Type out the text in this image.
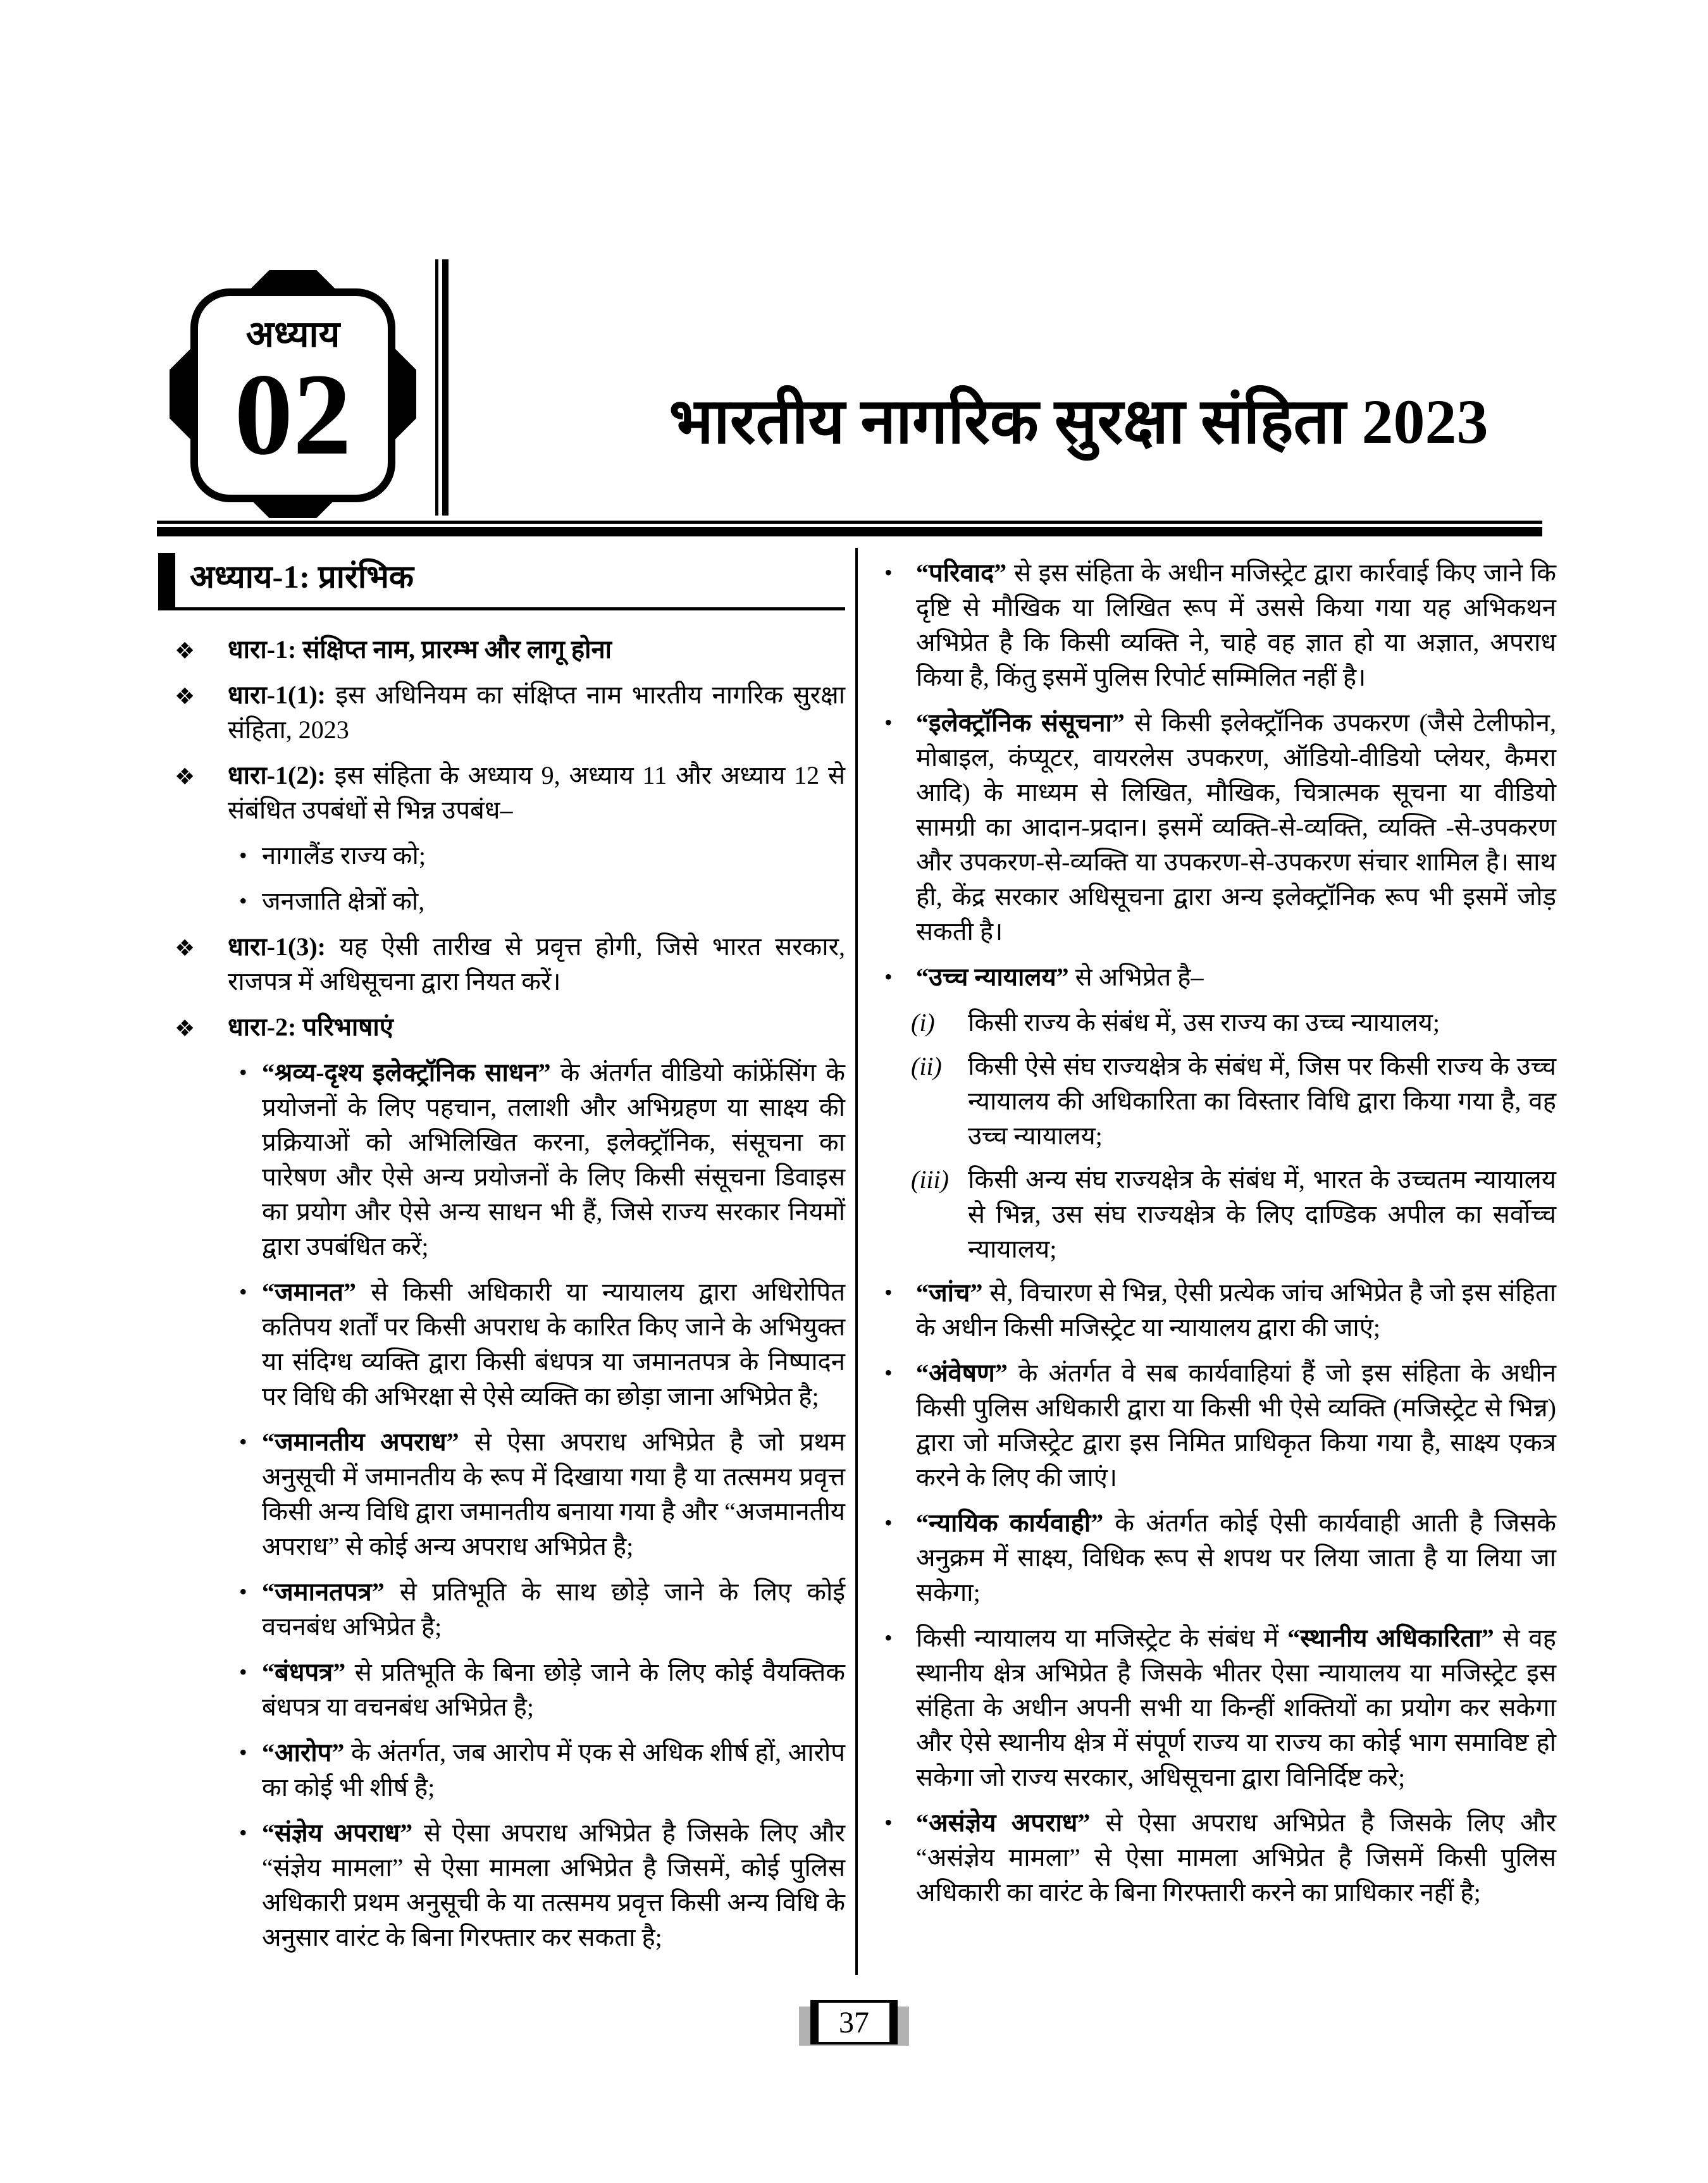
अध्याय
02	भारतीय नागरिक सुरक्षा संहिता 2023
अध्याय-1: प्रारंभिक
❖ धारा-1: संक्षिप्त नाम, प्रारम्भ और लागू होना
❖ धारा-1(1): इस अधिनियम का संक्षिप्त नाम भारतीय नागरिक सुरक्षा संहिता, 2023
❖ धारा-1(2): इस संहिता के अध्याय 9, अध्याय 11 और अध्याय 12 से संबंधित उपबंधों से भिन्न उपबंध–
• नागालैंड राज्य को;
• जनजाति क्षेत्रों को,
❖ धारा-1(3): यह ऐसी तारीख से प्रवृत्त होगी, जिसे भारत सरकार, राजपत्र में अधिसूचना द्वारा नियत करें।
❖ धारा-2: परिभाषाएं
• “श्रव्य-दृश्य इलेक्ट्रॉनिक साधन” के अंतर्गत वीडियो कांफ्रेंसिंग के प्रयोजनों के लिए पहचान, तलाशी और अभिग्रहण या साक्ष्य की प्रक्रियाओं को अभिलिखित करना, इलेक्ट्रॉनिक, संसूचना का पारेषण और ऐसे अन्य प्रयोजनों के लिए किसी संसूचना डिवाइस का प्रयोग और ऐसे अन्य साधन भी हैं, जिसे राज्य सरकार नियमों द्वारा उपबंधित करें;
• “जमानत” से किसी अधिकारी या न्यायालय द्वारा अधिरोपित कतिपय शर्तों पर किसी अपराध के कारित किए जाने के अभियुक्त या संदिग्ध व्यक्ति द्वारा किसी बंधपत्र या जमानतपत्र के निष्पादन पर विधि की अभिरक्षा से ऐसे व्यक्ति का छोड़ा जाना अभिप्रेत है;
• “जमानतीय अपराध” से ऐसा अपराध अभिप्रेत है जो प्रथम अनुसूची में जमानतीय के रूप में दिखाया गया है या तत्समय प्रवृत्त किसी अन्य विधि द्वारा जमानतीय बनाया गया है और “अजमानतीय अपराध” से कोई अन्य अपराध अभिप्रेत है;
• “जमानतपत्र” से प्रतिभूति के साथ छोड़े जाने के लिए कोई वचनबंध अभिप्रेत है;
• “बंधपत्र” से प्रतिभूति के बिना छोड़े जाने के लिए कोई वैयक्तिक बंधपत्र या वचनबंध अभिप्रेत है;
• “आरोप” के अंतर्गत, जब आरोप में एक से अधिक शीर्ष हों, आरोप का कोई भी शीर्ष है;
• “संज्ञेय अपराध” से ऐसा अपराध अभिप्रेत है जिसके लिए और “संज्ञेय मामला” से ऐसा मामला अभिप्रेत है जिसमें, कोई पुलिस अधिकारी प्रथम अनुसूची के या तत्समय प्रवृत्त किसी अन्य विधि के अनुसार वारंट के बिना गिरफ्तार कर सकता है;
• “परिवाद” से इस संहिता के अधीन मजिस्ट्रेट द्वारा कार्रवाई किए जाने कि दृष्टि से मौखिक या लिखित रूप में उससे किया गया यह अभिकथन अभिप्रेत है कि किसी व्यक्ति ने, चाहे वह ज्ञात हो या अज्ञात, अपराध किया है, किंतु इसमें पुलिस रिपोर्ट सम्मिलित नहीं है।
• “इलेक्ट्रॉनिक संसूचना” से किसी इलेक्ट्रॉनिक उपकरण (जैसे टेलीफोन, मोबाइल, कंप्यूटर, वायरलेस उपकरण, ऑडियो-वीडियो प्लेयर, कैमरा आदि) के माध्यम से लिखित, मौखिक, चित्रात्मक सूचना या वीडियो सामग्री का आदान-प्रदान। इसमें व्यक्ति-से-व्यक्ति, व्यक्ति -से-उपकरण और उपकरण-से-व्यक्ति या उपकरण-से-उपकरण संचार शामिल है। साथ ही, केंद्र सरकार अधिसूचना द्वारा अन्य इलेक्ट्रॉनिक रूप भी इसमें जोड़ सकती है।
• “उच्च न्यायालय” से अभिप्रेत है–
(i) किसी राज्य के संबंध में, उस राज्य का उच्च न्यायालय;
(ii) किसी ऐसे संघ राज्यक्षेत्र के संबंध में, जिस पर किसी राज्य के उच्च न्यायालय की अधिकारिता का विस्तार विधि द्वारा किया गया है, वह उच्च न्यायालय;
(iii) किसी अन्य संघ राज्यक्षेत्र के संबंध में, भारत के उच्चतम न्यायालय से भिन्न, उस संघ राज्यक्षेत्र के लिए दाण्डिक अपील का सर्वोच्च न्यायालय;
• “जांच” से, विचारण से भिन्न, ऐसी प्रत्येक जांच अभिप्रेत है जो इस संहिता के अधीन किसी मजिस्ट्रेट या न्यायालय द्वारा की जाएं;
• “अंवेषण” के अंतर्गत वे सब कार्यवाहियां हैं जो इस संहिता के अधीन किसी पुलिस अधिकारी द्वारा या किसी भी ऐसे व्यक्ति (मजिस्ट्रेट से भिन्न) द्वारा जो मजिस्ट्रेट द्वारा इस निमित प्राधिकृत किया गया है, साक्ष्य एकत्र करने के लिए की जाएं।
• “न्यायिक कार्यवाही” के अंतर्गत कोई ऐसी कार्यवाही आती है जिसके अनुक्रम में साक्ष्य, विधिक रूप से शपथ पर लिया जाता है या लिया जा सकेगा;
• किसी न्यायालय या मजिस्ट्रेट के संबंध में “स्थानीय अधिकारिता” से वह स्थानीय क्षेत्र अभिप्रेत है जिसके भीतर ऐसा न्यायालय या मजिस्ट्रेट इस संहिता के अधीन अपनी सभी या किन्हीं शक्तियों का प्रयोग कर सकेगा और ऐसे स्थानीय क्षेत्र में संपूर्ण राज्य या राज्य का कोई भाग समाविष्ट हो सकेगा जो राज्य सरकार, अधिसूचना द्वारा विनिर्दिष्ट करे;
• “असंज्ञेय अपराध” से ऐसा अपराध अभिप्रेत है जिसके लिए और “असंज्ञेय मामला” से ऐसा मामला अभिप्रेत है जिसमें किसी पुलिस अधिकारी का वारंट के बिना गिरफ्तारी करने का प्राधिकार नहीं है;
37
